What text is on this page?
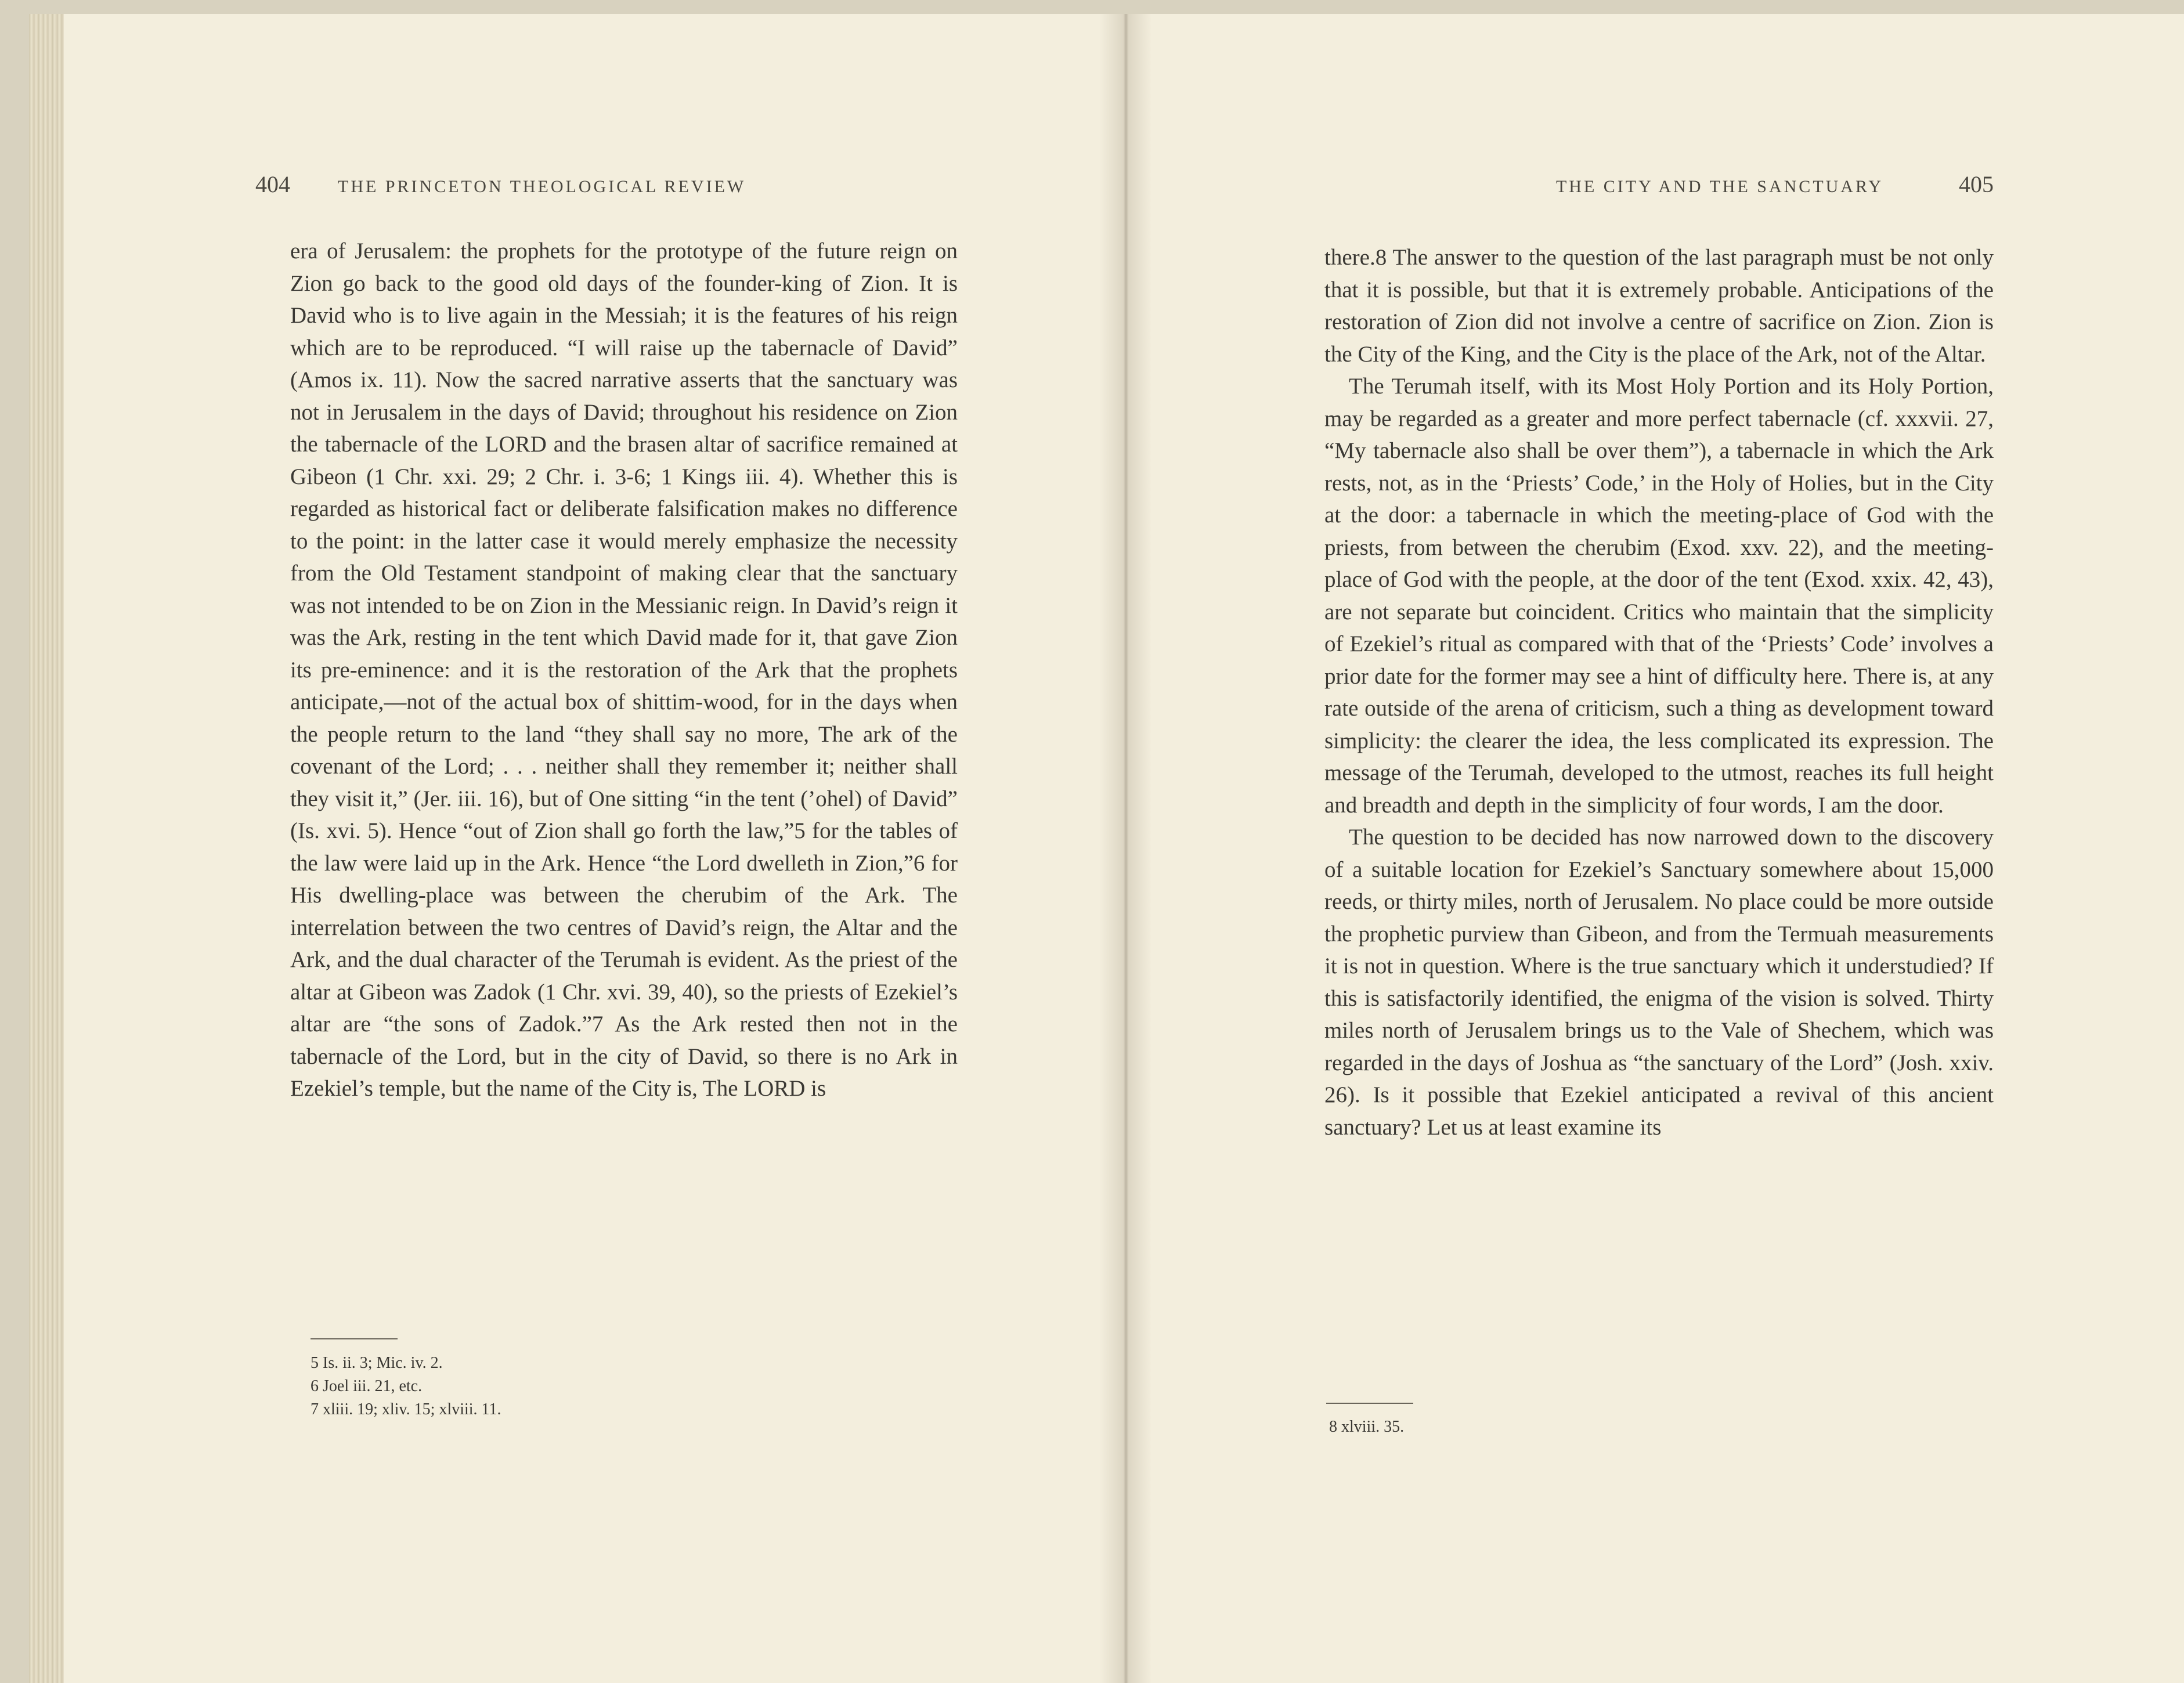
404	THE PRINCETON THEOLOGICAL REVIEW

era of Jerusalem: the prophets for the prototype of the future reign on Zion go back to the good old days of the founder-king of Zion. It is David who is to live again in the Messiah; it is the features of his reign which are to be reproduced. “I will raise up the tabernacle of David” (Amos ix. 11). Now the sacred narrative asserts that the sanctuary was not in Jerusalem in the days of David; throughout his residence on Zion the tabernacle of the LORD and the brasen altar of sacrifice remained at Gibeon (1 Chr. xxi. 29; 2 Chr. i. 3-6; 1 Kings iii. 4). Whether this is regarded as historical fact or deliberate falsification makes no difference to the point: in the latter case it would merely emphasize the necessity from the Old Testament standpoint of making clear that the sanctuary was not intended to be on Zion in the Messianic reign. In David’s reign it was the Ark, resting in the tent which David made for it, that gave Zion its pre-eminence: and it is the restoration of the Ark that the prophets anticipate,—not of the actual box of shittim-wood, for in the days when the people return to the land “they shall say no more, The ark of the covenant of the Lord; . . . neither shall they remember it; neither shall they visit it,” (Jer. iii. 16), but of One sitting “in the tent (’ohel) of David” (Is. xvi. 5). Hence “out of Zion shall go forth the law,”5 for the tables of the law were laid up in the Ark. Hence “the Lord dwelleth in Zion,”6 for His dwelling-place was between the cherubim of the Ark. The interrelation between the two centres of David’s reign, the Altar and the Ark, and the dual character of the Terumah is evident. As the priest of the altar at Gibeon was Zadok (1 Chr. xvi. 39, 40), so the priests of Ezekiel’s altar are “the sons of Zadok.”7 As the Ark rested then not in the tabernacle of the Lord, but in the city of David, so there is no Ark in Ezekiel’s temple, but the name of the City is, The LORD is

5 Is. ii. 3; Mic. iv. 2.
6 Joel iii. 21, etc.
7 xliii. 19; xliv. 15; xlviii. 11.
THE CITY AND THE SANCTUARY	405

there.8 The answer to the question of the last paragraph must be not only that it is possible, but that it is extremely probable. Anticipations of the restoration of Zion did not involve a centre of sacrifice on Zion. Zion is the City of the King, and the City is the place of the Ark, not of the Altar.

The Terumah itself, with its Most Holy Portion and its Holy Portion, may be regarded as a greater and more perfect tabernacle (cf. xxxvii. 27, “My tabernacle also shall be over them”), a tabernacle in which the Ark rests, not, as in the ‘Priests’ Code,’ in the Holy of Holies, but in the City at the door: a tabernacle in which the meeting-place of God with the priests, from between the cherubim (Exod. xxv. 22), and the meeting-place of God with the people, at the door of the tent (Exod. xxix. 42, 43), are not separate but coincident. Critics who maintain that the simplicity of Ezekiel’s ritual as compared with that of the ‘Priests’ Code’ involves a prior date for the former may see a hint of difficulty here. There is, at any rate outside of the arena of criticism, such a thing as development toward simplicity: the clearer the idea, the less complicated its expression. The message of the Terumah, developed to the utmost, reaches its full height and breadth and depth in the simplicity of four words, I am the door.

The question to be decided has now narrowed down to the discovery of a suitable location for Ezekiel’s Sanctuary somewhere about 15,000 reeds, or thirty miles, north of Jerusalem. No place could be more outside the prophetic purview than Gibeon, and from the Termuah measurements it is not in question. Where is the true sanctuary which it understudied? If this is satisfactorily identified, the enigma of the vision is solved. Thirty miles north of Jerusalem brings us to the Vale of Shechem, which was regarded in the days of Joshua as “the sanctuary of the Lord” (Josh. xxiv. 26). Is it possible that Ezekiel anticipated a revival of this ancient sanctuary? Let us at least examine its

8 xlviii. 35.
